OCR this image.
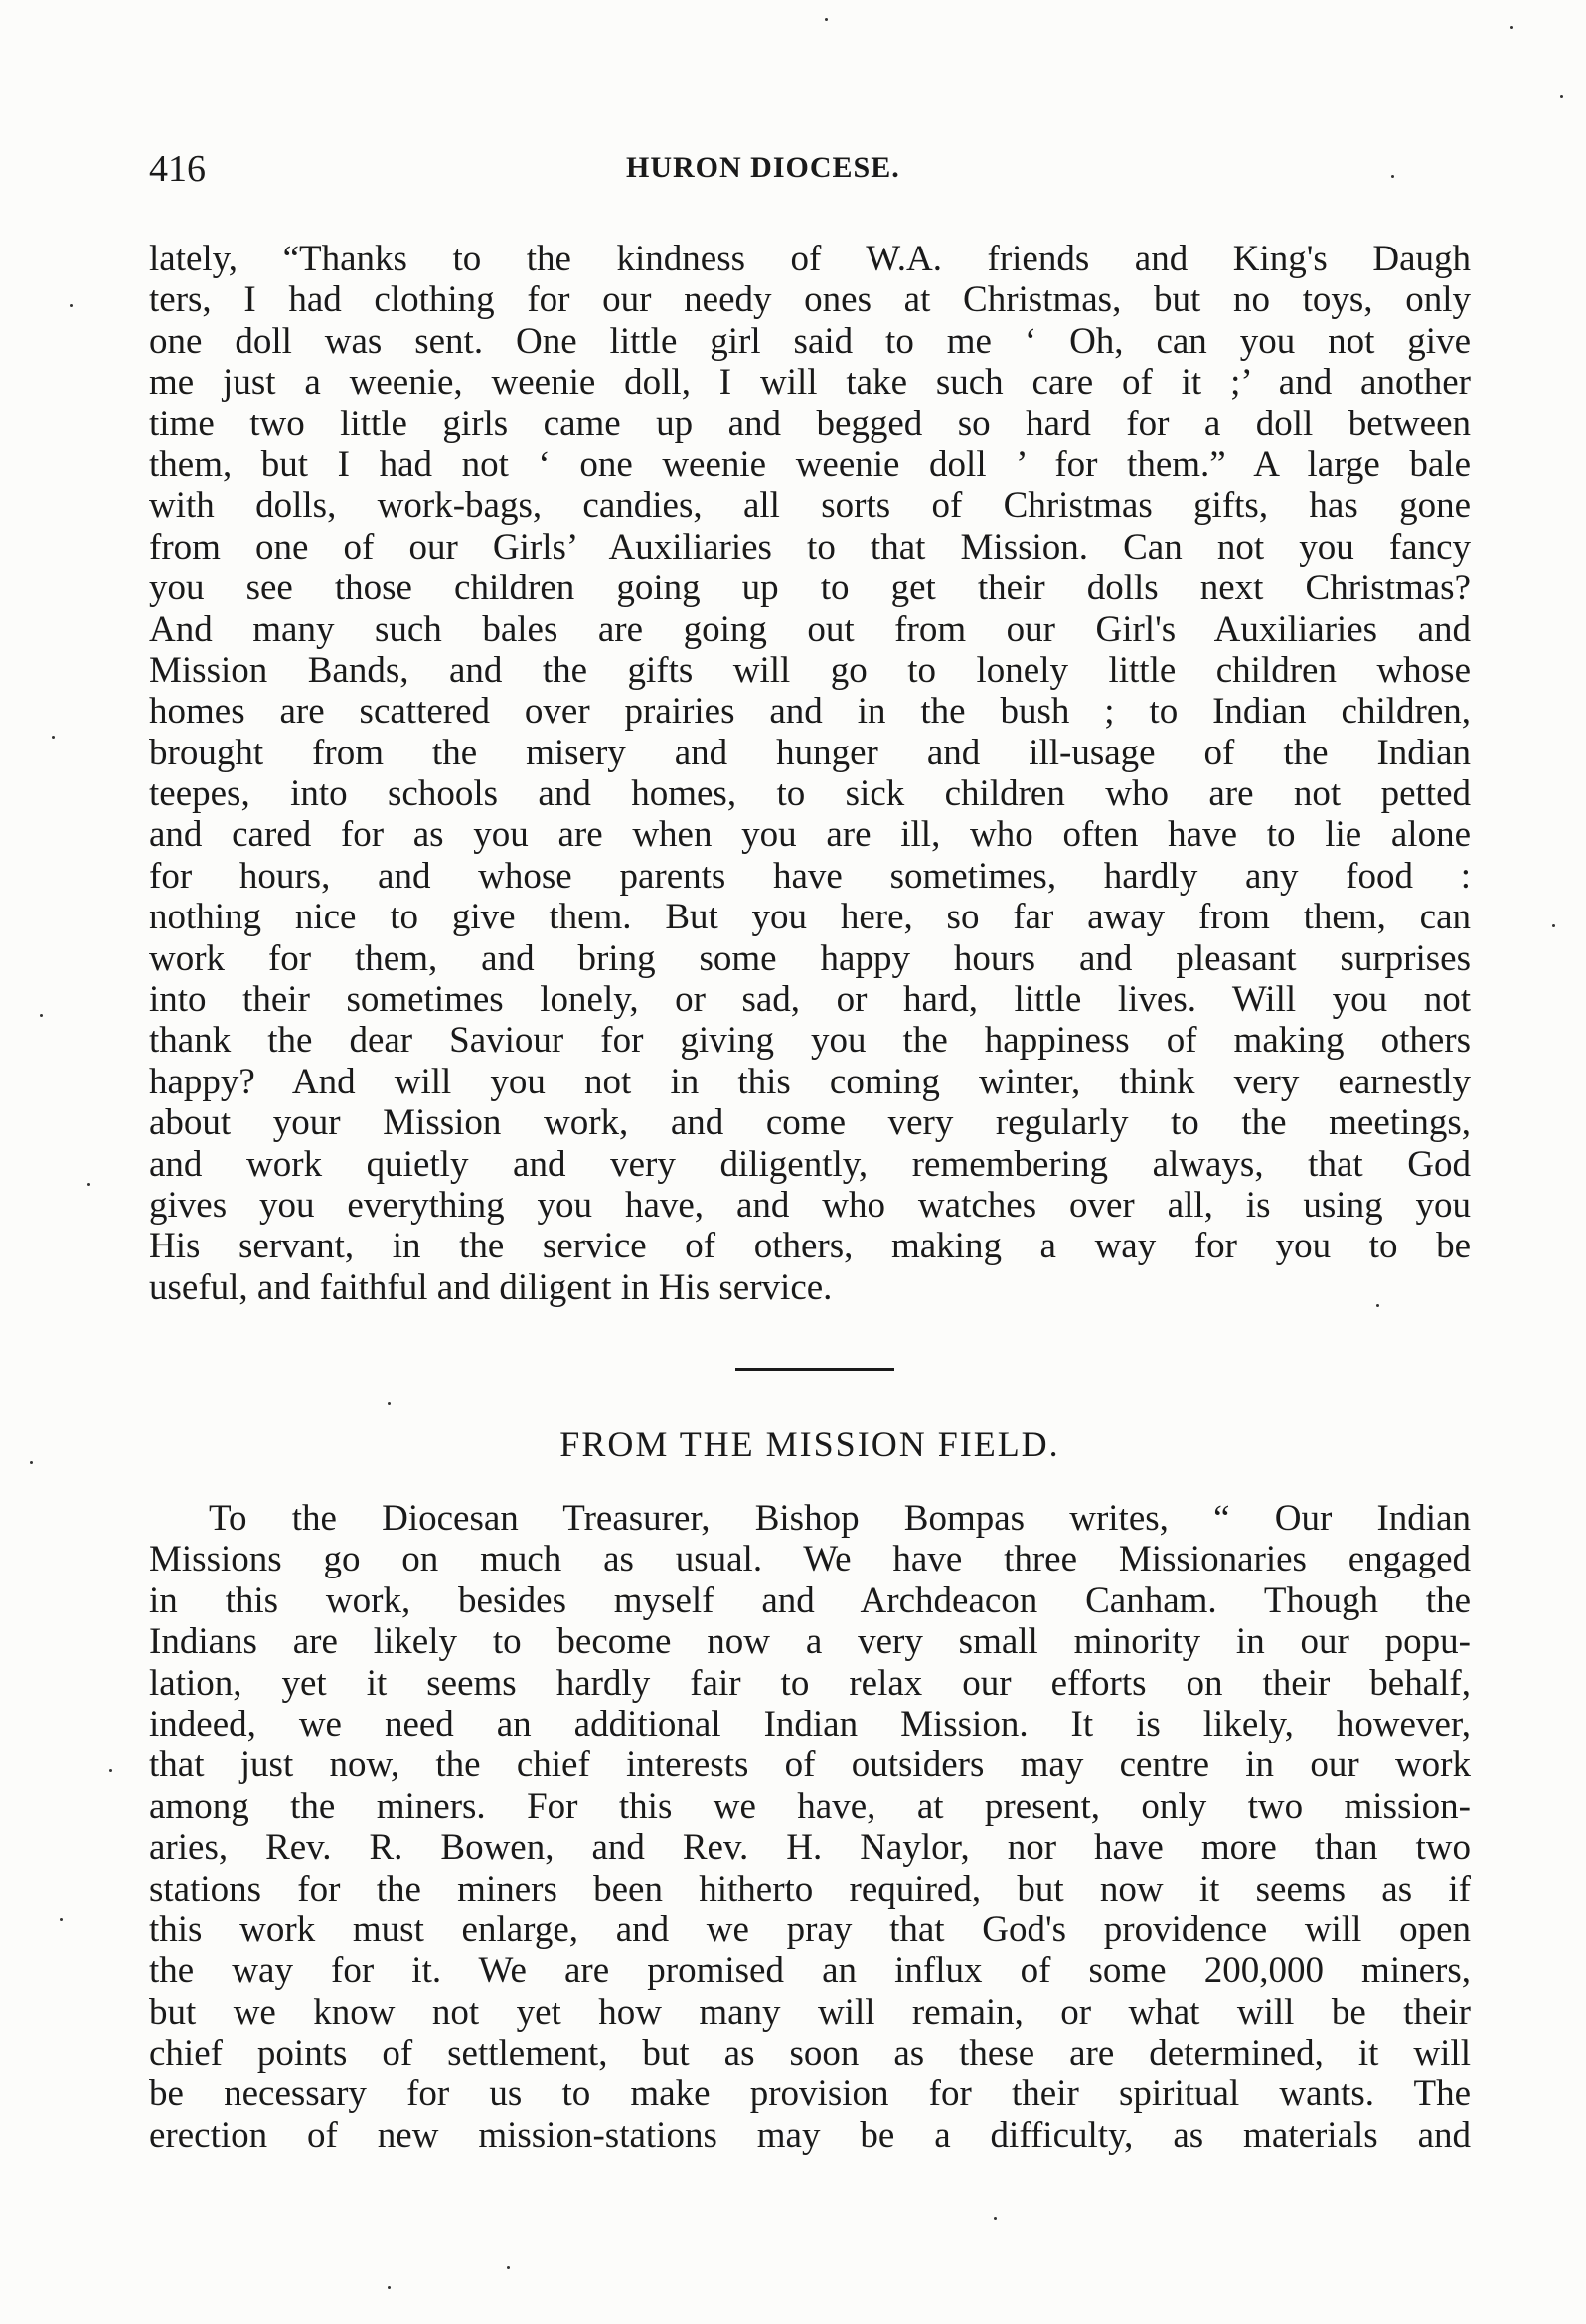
416	HURON DIOCESE.
lately, “Thanks to the kindness of W.A. friends and King's Daugh
ters, I had clothing for our needy ones at Christmas, but no toys, only
one doll was sent. One little girl said to me ‘ Oh, can you not give
me just a weenie, weenie doll, I will take such care of it ;’ and another
time two little girls came up and begged so hard for a doll between
them, but I had not ‘ one weenie weenie doll ’ for them.” A large bale
with dolls, work-bags, candies, all sorts of Christmas gifts, has gone
from one of our Girls’ Auxiliaries to that Mission. Can not you fancy
you see those children going up to get their dolls next Christmas?
And many such bales are going out from our Girl's Auxiliaries and
Mission Bands, and the gifts will go to lonely little children whose
homes are scattered over prairies and in the bush ; to Indian children,
brought from the misery and hunger and ill-usage of the Indian
teepes, into schools and homes, to sick children who are not petted
and cared for as you are when you are ill, who often have to lie alone
for hours, and whose parents have sometimes, hardly any food :
nothing nice to give them. But you here, so far away from them, can
work for them, and bring some happy hours and pleasant surprises
into their sometimes lonely, or sad, or hard, little lives. Will you not
thank the dear Saviour for giving you the happiness of making others
happy? And will you not in this coming winter, think very earnestly
about your Mission work, and come very regularly to the meetings,
and work quietly and very diligently, remembering always, that God
gives you everything you have, and who watches over all, is using you
His servant, in the service of others, making a way for you to be
useful, and faithful and diligent in His service.
FROM THE MISSION FIELD.
To the Diocesan Treasurer, Bishop Bompas writes, “ Our Indian
Missions go on much as usual. We have three Missionaries engaged
in this work, besides myself and Archdeacon Canham. Though the
Indians are likely to become now a very small minority in our popu-
lation, yet it seems hardly fair to relax our efforts on their behalf,
indeed, we need an additional Indian Mission. It is likely, however,
that just now, the chief interests of outsiders may centre in our work
among the miners. For this we have, at present, only two mission-
aries, Rev. R. Bowen, and Rev. H. Naylor, nor have more than two
stations for the miners been hitherto required, but now it seems as if
this work must enlarge, and we pray that God's providence will open
the way for it. We are promised an influx of some 200,000 miners,
but we know not yet how many will remain, or what will be their
chief points of settlement, but as soon as these are determined, it will
be necessary for us to make provision for their spiritual wants. The
erection of new mission-stations may be a difficulty, as materials and
